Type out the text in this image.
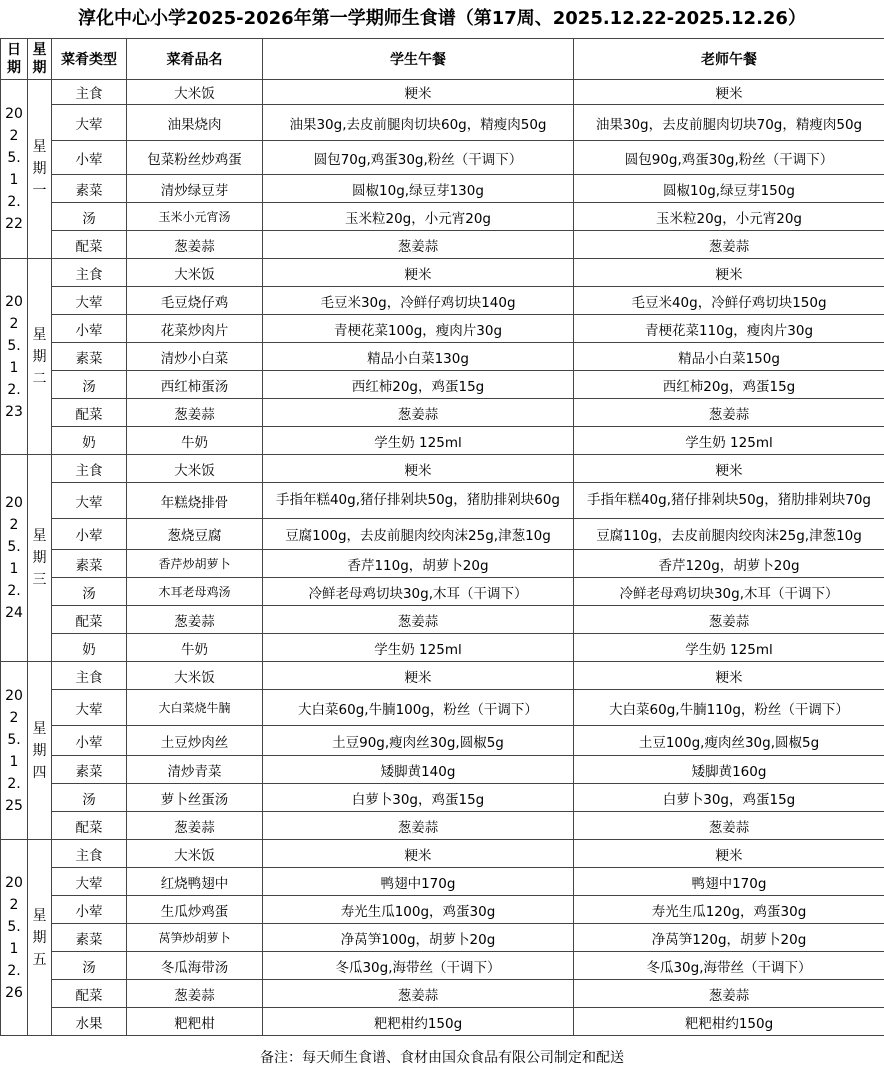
淳化中心小学2025-2026年第一学期师生食谱（第17周、2025.12.22-2025.12.26）
日期	星期	菜肴类型	菜肴品名	学生午餐	老师午餐
2025.12.22	星期一	主食	大米饭	粳米	粳米
		大荤	油果烧肉	油果30g,去皮前腿肉切块60g，精瘦肉50g	油果30g，去皮前腿肉切块70g，精瘦肉50g
		小荤	包菜粉丝炒鸡蛋	圆包70g,鸡蛋30g,粉丝（干调下）	圆包90g,鸡蛋30g,粉丝（干调下）
		素菜	清炒绿豆芽	圆椒10g,绿豆芽130g	圆椒10g,绿豆芽150g
		汤	玉米小元宵汤	玉米粒20g，小元宵20g	玉米粒20g，小元宵20g
		配菜	葱姜蒜	葱姜蒜	葱姜蒜
2025.12.23	星期二	主食	大米饭	粳米	粳米
		大荤	毛豆烧仔鸡	毛豆米30g，冷鲜仔鸡切块140g	毛豆米40g，冷鲜仔鸡切块150g
		小荤	花菜炒肉片	青梗花菜100g，瘦肉片30g	青梗花菜110g，瘦肉片30g
		素菜	清炒小白菜	精品小白菜130g	精品小白菜150g
		汤	西红柿蛋汤	西红柿20g，鸡蛋15g	西红柿20g，鸡蛋15g
		配菜	葱姜蒜	葱姜蒜	葱姜蒜
		奶	牛奶	学生奶 125ml	学生奶 125ml
2025.12.24	星期三	主食	大米饭	粳米	粳米
		大荤	年糕烧排骨	手指年糕40g,猪仔排剁块50g，猪肋排剁块60g	手指年糕40g,猪仔排剁块50g，猪肋排剁块70g
		小荤	葱烧豆腐	豆腐100g，去皮前腿肉绞肉沫25g,津葱10g	豆腐110g，去皮前腿肉绞肉沫25g,津葱10g
		素菜	香芹炒胡萝卜	香芹110g，胡萝卜20g	香芹120g，胡萝卜20g
		汤	木耳老母鸡汤	冷鲜老母鸡切块30g,木耳（干调下）	冷鲜老母鸡切块30g,木耳（干调下）
		配菜	葱姜蒜	葱姜蒜	葱姜蒜
		奶	牛奶	学生奶 125ml	学生奶 125ml
2025.12.25	星期四	主食	大米饭	粳米	粳米
		大荤	大白菜烧牛腩	大白菜60g,牛腩100g，粉丝（干调下）	大白菜60g,牛腩110g，粉丝（干调下）
		小荤	土豆炒肉丝	土豆90g,瘦肉丝30g,圆椒5g	土豆100g,瘦肉丝30g,圆椒5g
		素菜	清炒青菜	矮脚黄140g	矮脚黄160g
		汤	萝卜丝蛋汤	白萝卜30g，鸡蛋15g	白萝卜30g，鸡蛋15g
		配菜	葱姜蒜	葱姜蒜	葱姜蒜
2025.12.26	星期五	主食	大米饭	粳米	粳米
		大荤	红烧鸭翅中	鸭翅中170g	鸭翅中170g
		小荤	生瓜炒鸡蛋	寿光生瓜100g，鸡蛋30g	寿光生瓜120g，鸡蛋30g
		素菜	莴笋炒胡萝卜	净莴笋100g，胡萝卜20g	净莴笋120g，胡萝卜20g
		汤	冬瓜海带汤	冬瓜30g,海带丝（干调下）	冬瓜30g,海带丝（干调下）
		配菜	葱姜蒜	葱姜蒜	葱姜蒜
		水果	粑粑柑	粑粑柑约150g	粑粑柑约150g
备注：每天师生食谱、食材由国众食品有限公司制定和配送
